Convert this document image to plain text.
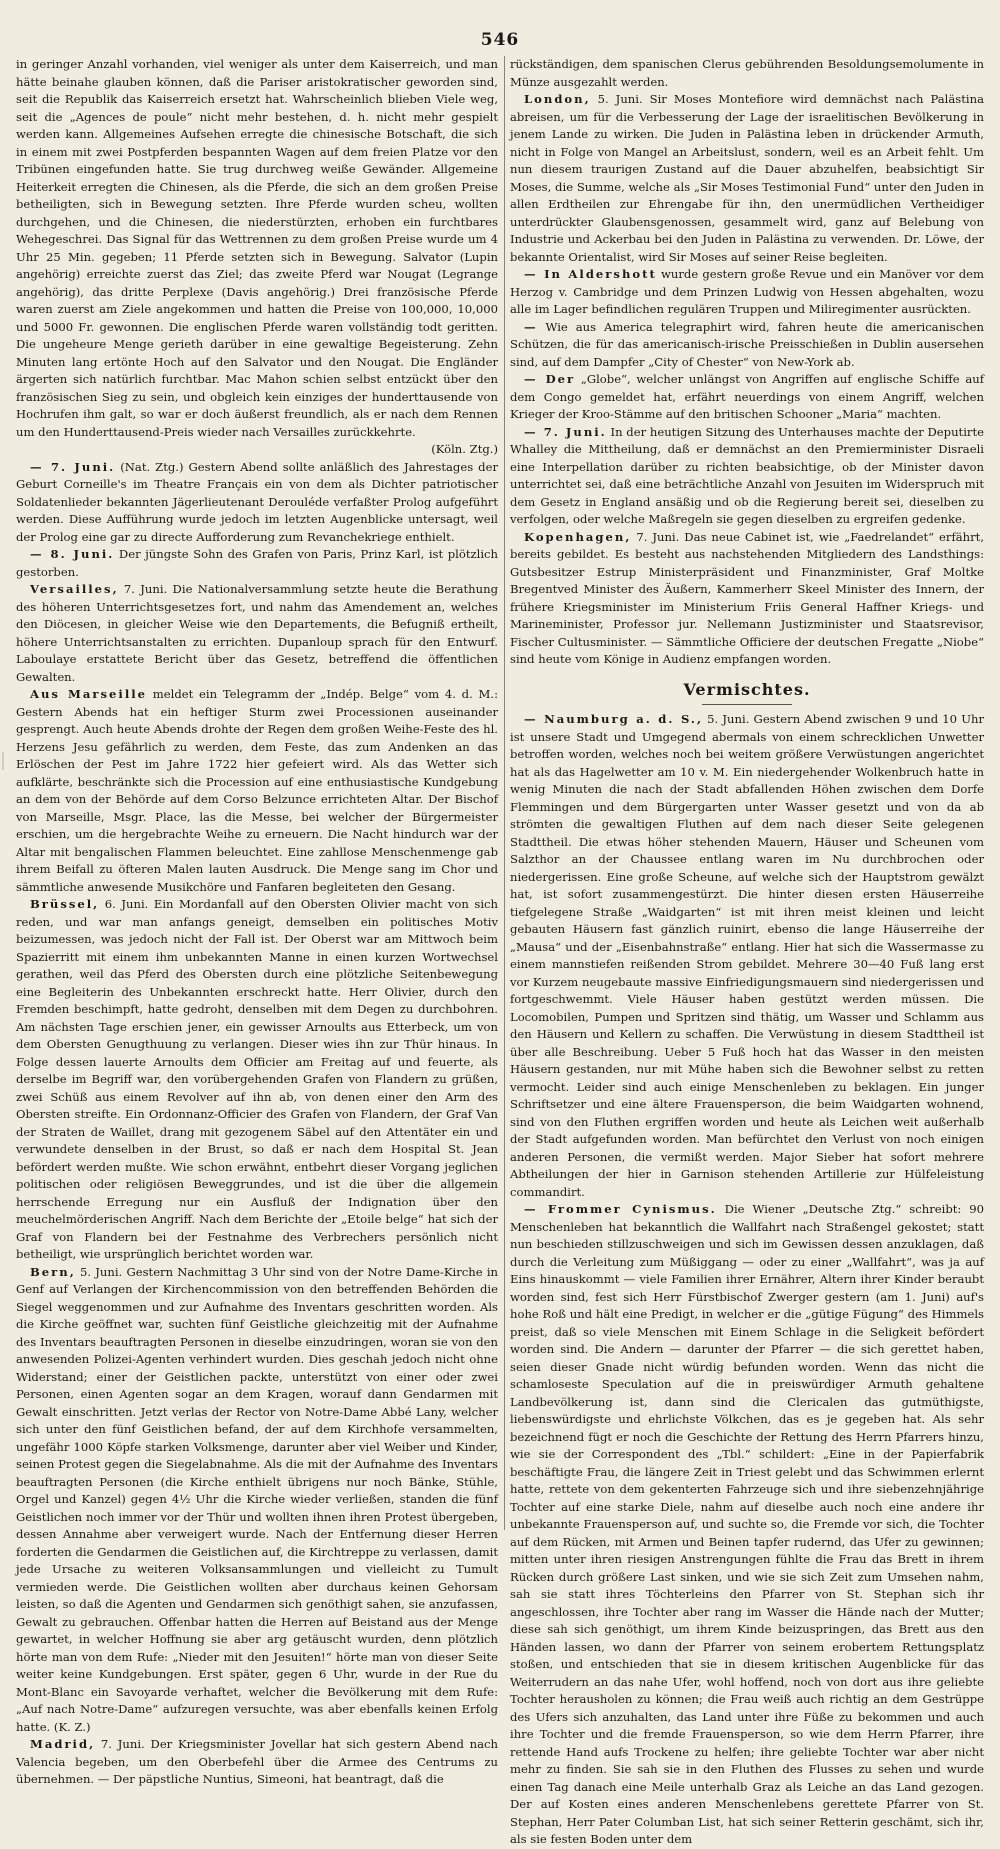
546

in geringer Anzahl vorhanden, viel weniger als unter dem Kaiserreich, und man hätte beinahe glauben können, daß die Pariser aristokratischer geworden sind, seit die Republik das Kaiserreich ersetzt hat. Wahrscheinlich blieben Viele weg, seit die „Agences de poule“ nicht mehr bestehen, d. h. nicht mehr gespielt werden kann. Allgemeines Aufsehen erregte die chinesische Botschaft, die sich in einem mit zwei Postpferden bespannten Wagen auf dem freien Platze vor den Tribünen eingefunden hatte. Sie trug durchweg weiße Gewänder. Allgemeine Heiterkeit erregten die Chinesen, als die Pferde, die sich an dem großen Preise betheiligten, sich in Bewegung setzten. Ihre Pferde wurden scheu, wollten durchgehen, und die Chinesen, die niederstürzten, erhoben ein furchtbares Wehegeschrei. Das Signal für das Wettrennen zu dem großen Preise wurde um 4 Uhr 25 Min. gegeben; 11 Pferde setzten sich in Bewegung. Salvator (Lupin angehörig) erreichte zuerst das Ziel; das zweite Pferd war Nougat (Legrange angehörig), das dritte Perplexe (Davis angehörig.) Drei französische Pferde waren zuerst am Ziele angekommen und hatten die Preise von 100,000, 10,000 und 5000 Fr. gewonnen. Die englischen Pferde waren vollständig todt geritten. Die ungeheure Menge gerieth darüber in eine gewaltige Begeisterung. Zehn Minuten lang ertönte Hoch auf den Salvator und den Nougat. Die Engländer ärgerten sich natürlich furchtbar. Mac Mahon schien selbst entzückt über den französischen Sieg zu sein, und obgleich kein einziges der hunderttausende von Hochrufen ihm galt, so war er doch äußerst freundlich, als er nach dem Rennen um den Hunderttausend-Preis wieder nach Versailles zurückkehrte.

(Köln. Ztg.)

— 7. Juni. (Nat. Ztg.) Gestern Abend sollte anläßlich des Jahrestages der Geburt Corneille's im Theatre Français ein von dem als Dichter patriotischer Soldatenlieder bekannten Jägerlieutenant Derouléde verfaßter Prolog aufgeführt werden. Diese Aufführung wurde jedoch im letzten Augenblicke untersagt, weil der Prolog eine gar zu directe Aufforderung zum Revanchekriege enthielt.

— 8. Juni. Der jüngste Sohn des Grafen von Paris, Prinz Karl, ist plötzlich gestorben.

Versailles, 7. Juni. Die Nationalversammlung setzte heute die Berathung des höheren Unterrichtsgesetzes fort, und nahm das Amendement an, welches den Diöcesen, in gleicher Weise wie den Departements, die Befugniß ertheilt, höhere Unterrichtsanstalten zu errichten. Dupanloup sprach für den Entwurf. Laboulaye erstattete Bericht über das Gesetz, betreffend die öffentlichen Gewalten.

Aus Marseille meldet ein Telegramm der „Indép. Belge“ vom 4. d. M.: Gestern Abends hat ein heftiger Sturm zwei Processionen auseinander gesprengt. Auch heute Abends drohte der Regen dem großen Weihe-Feste des hl. Herzens Jesu gefährlich zu werden, dem Feste, das zum Andenken an das Erlöschen der Pest im Jahre 1722 hier gefeiert wird. Als das Wetter sich aufklärte, beschränkte sich die Procession auf eine enthusiastische Kundgebung an dem von der Behörde auf dem Corso Belzunce errichteten Altar. Der Bischof von Marseille, Msgr. Place, las die Messe, bei welcher der Bürgermeister erschien, um die hergebrachte Weihe zu erneuern. Die Nacht hindurch war der Altar mit bengalischen Flammen beleuchtet. Eine zahllose Menschenmenge gab ihrem Beifall zu öfteren Malen lauten Ausdruck. Die Menge sang im Chor und sämmtliche anwesende Musikchöre und Fanfaren begleiteten den Gesang.

Brüssel, 6. Juni. Ein Mordanfall auf den Obersten Olivier macht von sich reden, und war man anfangs geneigt, demselben ein politisches Motiv beizumessen, was jedoch nicht der Fall ist. Der Oberst war am Mittwoch beim Spazierritt mit einem ihm unbekannten Manne in einen kurzen Wortwechsel gerathen, weil das Pferd des Obersten durch eine plötzliche Seitenbewegung eine Begleiterin des Unbekannten erschreckt hatte. Herr Olivier, durch den Fremden beschimpft, hatte gedroht, denselben mit dem Degen zu durchbohren. Am nächsten Tage erschien jener, ein gewisser Arnoults aus Etterbeck, um von dem Obersten Genugthuung zu verlangen. Dieser wies ihn zur Thür hinaus. In Folge dessen lauerte Arnoults dem Officier am Freitag auf und feuerte, als derselbe im Begriff war, den vorübergehenden Grafen von Flandern zu grüßen, zwei Schüß aus einem Revolver auf ihn ab, von denen einer den Arm des Obersten streifte. Ein Ordonnanz-Officier des Grafen von Flandern, der Graf Van der Straten de Waillet, drang mit gezogenem Säbel auf den Attentäter ein und verwundete denselben in der Brust, so daß er nach dem Hospital St. Jean befördert werden mußte. Wie schon erwähnt, entbehrt dieser Vorgang jeglichen politischen oder religiösen Beweggrundes, und ist die über die allgemein herrschende Erregung nur ein Ausfluß der Indignation über den meuchelmörderischen Angriff. Nach dem Berichte der „Etoile belge“ hat sich der Graf von Flandern bei der Festnahme des Verbrechers persönlich nicht betheiligt, wie ursprünglich berichtet worden war.

Bern, 5. Juni. Gestern Nachmittag 3 Uhr sind von der Notre Dame-Kirche in Genf auf Verlangen der Kirchencommission von den betreffenden Behörden die Siegel weggenommen und zur Aufnahme des Inventars geschritten worden. Als die Kirche geöffnet war, suchten fünf Geistliche gleichzeitig mit der Aufnahme des Inventars beauftragten Personen in dieselbe einzudringen, woran sie von den anwesenden Polizei-Agenten verhindert wurden. Dies geschah jedoch nicht ohne Widerstand; einer der Geistlichen packte, unterstützt von einer oder zwei Personen, einen Agenten sogar an dem Kragen, worauf dann Gendarmen mit Gewalt einschritten. Jetzt verlas der Rector von Notre-Dame Abbé Lany, welcher sich unter den fünf Geistlichen befand, der auf dem Kirchhofe versammelten, ungefähr 1000 Köpfe starken Volksmenge, darunter aber viel Weiber und Kinder, seinen Protest gegen die Siegelabnahme. Als die mit der Aufnahme des Inventars beauftragten Personen (die Kirche enthielt übrigens nur noch Bänke, Stühle, Orgel und Kanzel) gegen 4½ Uhr die Kirche wieder verließen, standen die fünf Geistlichen noch immer vor der Thür und wollten ihnen ihren Protest übergeben, dessen Annahme aber verweigert wurde. Nach der Entfernung dieser Herren forderten die Gendarmen die Geistlichen auf, die Kirchtreppe zu verlassen, damit jede Ursache zu weiteren Volksansammlungen und vielleicht zu Tumult vermieden werde. Die Geistlichen wollten aber durchaus keinen Gehorsam leisten, so daß die Agenten und Gendarmen sich genöthigt sahen, sie anzufassen, Gewalt zu gebrauchen. Offenbar hatten die Herren auf Beistand aus der Menge gewartet, in welcher Hoffnung sie aber arg getäuscht wurden, denn plötzlich hörte man von dem Rufe: „Nieder mit den Jesuiten!“ hörte man von dieser Seite weiter keine Kundgebungen. Erst später, gegen 6 Uhr, wurde in der Rue du Mont-Blanc ein Savoyarde verhaftet, welcher die Bevölkerung mit dem Rufe: „Auf nach Notre-Dame“ aufzuregen versuchte, was aber ebenfalls keinen Erfolg hatte. (K. Z.)

Madrid, 7. Juni. Der Kriegsminister Jovellar hat sich gestern Abend nach Valencia begeben, um den Oberbefehl über die Armee des Centrums zu übernehmen. — Der päpstliche Nuntius, Simeoni, hat beantragt, daß die

rückständigen, dem spanischen Clerus gebührenden Besoldungsemolumente in Münze ausgezahlt werden.

London, 5. Juni. Sir Moses Montefiore wird demnächst nach Palästina abreisen, um für die Verbesserung der Lage der israelitischen Bevölkerung in jenem Lande zu wirken. Die Juden in Palästina leben in drückender Armuth, nicht in Folge von Mangel an Arbeitslust, sondern, weil es an Arbeit fehlt. Um nun diesem traurigen Zustand auf die Dauer abzuhelfen, beabsichtigt Sir Moses, die Summe, welche als „Sir Moses Testimonial Fund“ unter den Juden in allen Erdtheilen zur Ehrengabe für ihn, den unermüdlichen Vertheidiger unterdrückter Glaubensgenossen, gesammelt wird, ganz auf Belebung von Industrie und Ackerbau bei den Juden in Palästina zu verwenden. Dr. Löwe, der bekannte Orientalist, wird Sir Moses auf seiner Reise begleiten.

— In Aldershott wurde gestern große Revue und ein Manöver vor dem Herzog v. Cambridge und dem Prinzen Ludwig von Hessen abgehalten, wozu alle im Lager befindlichen regulären Truppen und Miliregimenter ausrückten.

— Wie aus America telegraphirt wird, fahren heute die americanischen Schützen, die für das americanisch-irische Preisschießen in Dublin ausersehen sind, auf dem Dampfer „City of Chester“ von New-York ab.

— Der „Globe“, welcher unlängst von Angriffen auf englische Schiffe auf dem Congo gemeldet hat, erfährt neuerdings von einem Angriff, welchen Krieger der Kroo-Stämme auf den britischen Schooner „Maria“ machten.

— 7. Juni. In der heutigen Sitzung des Unterhauses machte der Deputirte Whalley die Mittheilung, daß er demnächst an den Premierminister Disraeli eine Interpellation darüber zu richten beabsichtige, ob der Minister davon unterrichtet sei, daß eine beträchtliche Anzahl von Jesuiten im Widerspruch mit dem Gesetz in England ansäßig und ob die Regierung bereit sei, dieselben zu verfolgen, oder welche Maßregeln sie gegen dieselben zu ergreifen gedenke.

Kopenhagen, 7. Juni. Das neue Cabinet ist, wie „Faedrelandet“ erfährt, bereits gebildet. Es besteht aus nachstehenden Mitgliedern des Landsthings: Gutsbesitzer Estrup Ministerpräsident und Finanzminister, Graf Moltke Bregentved Minister des Äußern, Kammerherr Skeel Minister des Innern, der frühere Kriegsminister im Ministerium Friis General Haffner Kriegs- und Marineminister, Professor jur. Nellemann Justizminister und Staatsrevisor, Fischer Cultusminister. — Sämmtliche Officiere der deutschen Fregatte „Niobe“ sind heute vom Könige in Audienz empfangen worden.

Vermischtes.

— Naumburg a. d. S., 5. Juni. Gestern Abend zwischen 9 und 10 Uhr ist unsere Stadt und Umgegend abermals von einem schrecklichen Unwetter betroffen worden, welches noch bei weitem größere Verwüstungen angerichtet hat als das Hagelwetter am 10 v. M. Ein niedergehender Wolkenbruch hatte in wenig Minuten die nach der Stadt abfallenden Höhen zwischen dem Dorfe Flemmingen und dem Bürgergarten unter Wasser gesetzt und von da ab strömten die gewaltigen Fluthen auf dem nach dieser Seite gelegenen Stadttheil. Die etwas höher stehenden Mauern, Häuser und Scheunen vom Salzthor an der Chaussee entlang waren im Nu durchbrochen oder niedergerissen. Eine große Scheune, auf welche sich der Hauptstrom gewälzt hat, ist sofort zusammengestürzt. Die hinter diesen ersten Häuserreihe tiefgelegene Straße „Waidgarten“ ist mit ihren meist kleinen und leicht gebauten Häusern fast gänzlich ruinirt, ebenso die lange Häuserreihe der „Mausa“ und der „Eisenbahnstraße“ entlang. Hier hat sich die Wassermasse zu einem mannstiefen reißenden Strom gebildet. Mehrere 30—40 Fuß lang erst vor Kurzem neugebaute massive Einfriedigungsmauern sind niedergerissen und fortgeschwemmt. Viele Häuser haben gestützt werden müssen. Die Locomobilen, Pumpen und Spritzen sind thätig, um Wasser und Schlamm aus den Häusern und Kellern zu schaffen. Die Verwüstung in diesem Stadttheil ist über alle Beschreibung. Ueber 5 Fuß hoch hat das Wasser in den meisten Häusern gestanden, nur mit Mühe haben sich die Bewohner selbst zu retten vermocht. Leider sind auch einige Menschenleben zu beklagen. Ein junger Schriftsetzer und eine ältere Frauensperson, die beim Waidgarten wohnend, sind von den Fluthen ergriffen worden und heute als Leichen weit außerhalb der Stadt aufgefunden worden. Man befürchtet den Verlust von noch einigen anderen Personen, die vermißt werden. Major Sieber hat sofort mehrere Abtheilungen der hier in Garnison stehenden Artillerie zur Hülfeleistung commandirt.

— Frommer Cynismus. Die Wiener „Deutsche Ztg.“ schreibt: 90 Menschenleben hat bekanntlich die Wallfahrt nach Straßengel gekostet; statt nun beschieden stillzuschweigen und sich im Gewissen dessen anzuklagen, daß durch die Verleitung zum Müßiggang — oder zu einer „Wallfahrt“, was ja auf Eins hinauskommt — viele Familien ihrer Ernährer, Altern ihrer Kinder beraubt worden sind, fest sich Herr Fürstbischof Zwerger gestern (am 1. Juni) auf's hohe Roß und hält eine Predigt, in welcher er die „gütige Fügung“ des Himmels preist, daß so viele Menschen mit Einem Schlage in die Seligkeit befördert worden sind. Die Andern — darunter der Pfarrer — die sich gerettet haben, seien dieser Gnade nicht würdig befunden worden. Wenn das nicht die schamloseste Speculation auf die in preiswürdiger Armuth gehaltene Landbevölkerung ist, dann sind die Clericalen das gutmüthigste, liebenswürdigste und ehrlichste Völkchen, das es je gegeben hat. Als sehr bezeichnend fügt er noch die Geschichte der Rettung des Herrn Pfarrers hinzu, wie sie der Correspondent des „Tbl.“ schildert: „Eine in der Papierfabrik beschäftigte Frau, die längere Zeit in Triest gelebt und das Schwimmen erlernt hatte, rettete von dem gekenterten Fahrzeuge sich und ihre siebenzehnjährige Tochter auf eine starke Diele, nahm auf dieselbe auch noch eine andere ihr unbekannte Frauensperson auf, und suchte so, die Fremde vor sich, die Tochter auf dem Rücken, mit Armen und Beinen tapfer rudernd, das Ufer zu gewinnen; mitten unter ihren riesigen Anstrengungen fühlte die Frau das Brett in ihrem Rücken durch größere Last sinken, und wie sie sich Zeit zum Umsehen nahm, sah sie statt ihres Töchterleins den Pfarrer von St. Stephan sich ihr angeschlossen, ihre Tochter aber rang im Wasser die Hände nach der Mutter; diese sah sich genöthigt, um ihrem Kinde beizuspringen, das Brett aus den Händen lassen, wo dann der Pfarrer von seinem erobertem Rettungsplatz stoßen, und entschieden that sie in diesem kritischen Augenblicke für das Weiterrudern an das nahe Ufer, wohl hoffend, noch von dort aus ihre geliebte Tochter herausholen zu können; die Frau weiß auch richtig an dem Gestrüppe des Ufers sich anzuhalten, das Land unter ihre Füße zu bekommen und auch ihre Tochter und die fremde Frauensperson, so wie dem Herrn Pfarrer, ihre rettende Hand aufs Trockene zu helfen; ihre geliebte Tochter war aber nicht mehr zu finden. Sie sah sie in den Fluthen des Flusses zu sehen und wurde einen Tag danach eine Meile unterhalb Graz als Leiche an das Land gezogen. Der auf Kosten eines anderen Menschenlebens gerettete Pfarrer von St. Stephan, Herr Pater Columban List, hat sich seiner Retterin geschämt, sich ihr, als sie festen Boden unter dem
